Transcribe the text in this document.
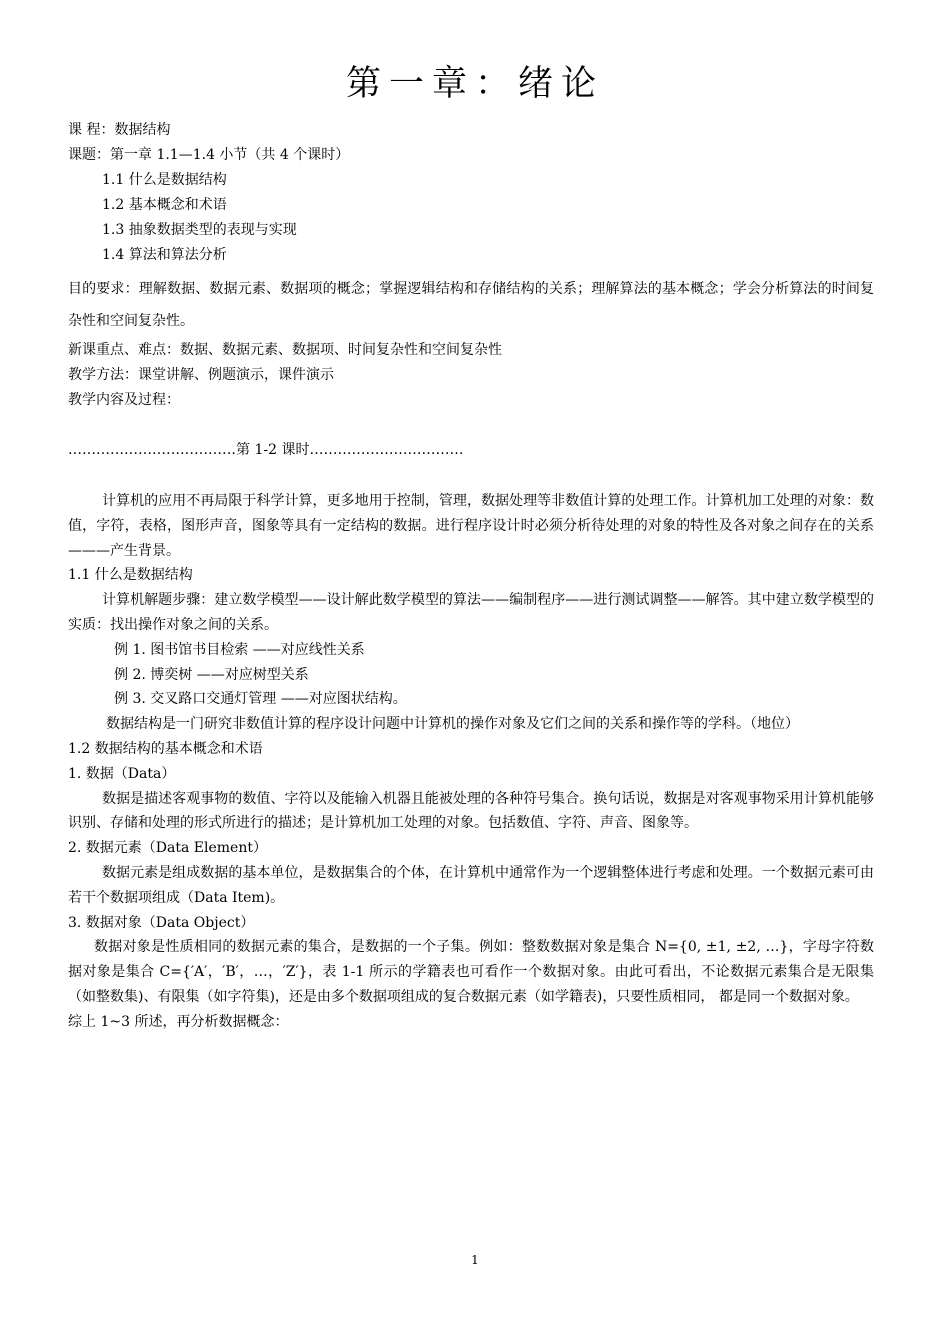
第一章：绪论
课 程：数据结构
课题：第一章 1.1—1.4 小节（共 4 个课时）
1.1 什么是数据结构
1.2 基本概念和术语
1.3 抽象数据类型的表现与实现
1.4 算法和算法分析
目的要求：理解数据、数据元素、数据项的概念；掌握逻辑结构和存储结构的关系；理解算法的基本概念；学会分析算法的时间复杂性和空间复杂性。
新课重点、难点：数据、数据元素、数据项、时间复杂性和空间复杂性
教学方法：课堂讲解、例题演示，课件演示
教学内容及过程：
………………………………第 1-2 课时……………………………

计算机的应用不再局限于科学计算，更多地用于控制，管理，数据处理等非数值计算的处理工作。计算机加工处理的对象：数值，字符，表格，图形声音，图象等具有一定结构的数据。进行程序设计时必须分析待处理的对象的特性及各对象之间存在的关系———产生背景。

1.1 什么是数据结构

计算机解题步骤：建立数学模型——设计解此数学模型的算法——编制程序——进行测试调整——解答。其中建立数学模型的实质：找出操作对象之间的关系。

例 1. 图书馆书目检索 ——对应线性关系

例 2. 博奕树 ——对应树型关系

例 3. 交叉路口交通灯管理 ——对应图状结构。

数据结构是一门研究非数值计算的程序设计问题中计算机的操作对象及它们之间的关系和操作等的学科。（地位）

1.2 数据结构的基本概念和术语

1. 数据（Data）

数据是描述客观事物的数值、字符以及能输入机器且能被处理的各种符号集合。换句话说，数据是对客观事物采用计算机能够识别、存储和处理的形式所进行的描述；是计算机加工处理的对象。包括数值、字符、声音、图象等。

2. 数据元素（Data Element）

数据元素是组成数据的基本单位，是数据集合的个体，在计算机中通常作为一个逻辑整体进行考虑和处理。一个数据元素可由若干个数据项组成（Data Item)。

3. 数据对象（Data Object）

数据对象是性质相同的数据元素的集合，是数据的一个子集。例如：整数数据对象是集合 N={0, ±1, ±2, …}，字母字符数据对象是集合 C={′A′，′B′，…，′Z′}，表 1-1 所示的学籍表也可看作一个数据对象。由此可看出，不论数据元素集合是无限集（如整数集)、有限集（如字符集)，还是由多个数据项组成的复合数据元素（如学籍表)，只要性质相同， 都是同一个数据对象。

综上 1~3 所述，再分析数据概念：

1
